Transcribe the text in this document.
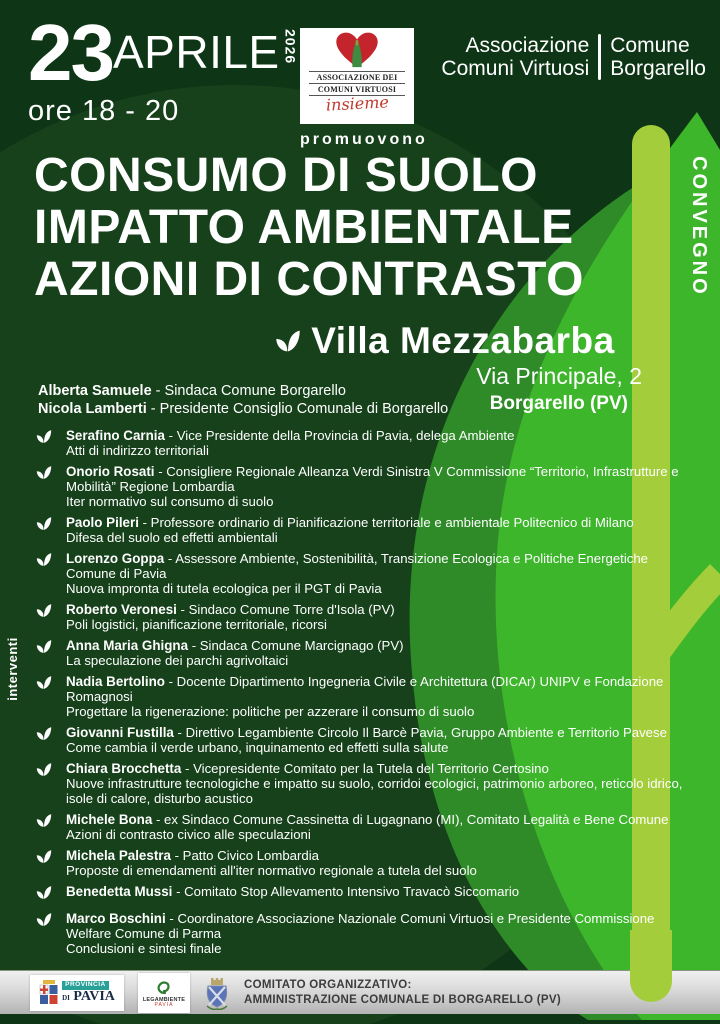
23 APRILE 2026
ore 18 - 20
ASSOCIAZIONE DEI
COMUNI VIRTUOSI
insieme
promuovono
Associazione
Comuni Virtuosi
Comune
Borgarello
CONSUMO DI SUOLO
IMPATTO AMBIENTALE
AZIONI DI CONTRASTO	CONVEGNO
Villa Mezzabarba
Via Principale, 2
Borgarello (PV)
Alberta Samuele - Sindaca Comune Borgarello
Nicola Lamberti - Presidente Consiglio Comunale di Borgarello
interventi
Serafino Carnia - Vice Presidente della Provincia di Pavia, delega Ambiente
Atti di indirizzo territoriali
Onorio Rosati - Consigliere Regionale Alleanza Verdi Sinistra V Commissione “Territorio, Infrastrutture e Mobilità” Regione Lombardia
Iter normativo sul consumo di suolo
Paolo Pileri - Professore ordinario di Pianificazione territoriale e ambientale Politecnico di Milano
Difesa del suolo ed effetti ambientali
Lorenzo Goppa - Assessore Ambiente, Sostenibilità, Transizione Ecologica e Politiche Energetiche Comune di Pavia
Nuova impronta di tutela ecologica per il PGT di Pavia
Roberto Veronesi - Sindaco Comune Torre d'Isola (PV)
Poli logistici, pianificazione territoriale, ricorsi
Anna Maria Ghigna - Sindaca Comune Marcignago (PV)
La speculazione dei parchi agrivoltaici
Nadia Bertolino - Docente Dipartimento Ingegneria Civile e Architettura (DICAr) UNIPV e Fondazione Romagnosi
Progettare la rigenerazione: politiche per azzerare il consumo di suolo
Giovanni Fustilla - Direttivo Legambiente Circolo Il Barcè Pavia, Gruppo Ambiente e Territorio Pavese
Come cambia il verde urbano, inquinamento ed effetti sulla salute
Chiara Brocchetta - Vicepresidente Comitato per la Tutela del Territorio Certosino
Nuove infrastrutture tecnologiche e impatto su suolo, corridoi ecologici, patrimonio arboreo, reticolo idrico, isole di calore, disturbo acustico
Michele Bona - ex Sindaco Comune Cassinetta di Lugagnano (MI), Comitato Legalità e Bene Comune
Azioni di contrasto civico alle speculazioni
Michela Palestra - Patto Civico Lombardia
Proposte di emendamenti all'iter normativo regionale a tutela del suolo
Benedetta Mussi - Comitato Stop Allevamento Intensivo Travacò Siccomario
Marco Boschini - Coordinatore Associazione Nazionale Comuni Virtuosi e Presidente Commissione Welfare Comune di Parma
Conclusioni e sintesi finale
PROVINCIA
DI PAVIA	LEGAMBIENTE
PAVIA
COMITATO ORGANIZZATIVO:
AMMINISTRAZIONE COMUNALE DI BORGARELLO (PV)
